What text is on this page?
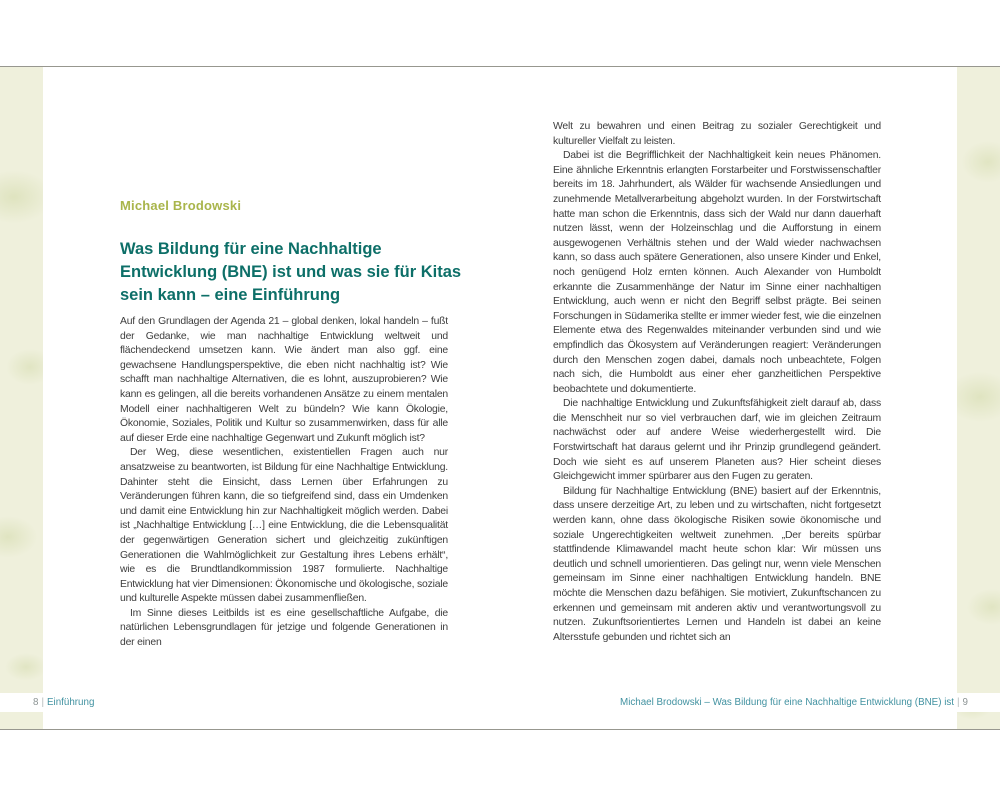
Michael Brodowski
Was Bildung für eine Nachhaltige Entwicklung (BNE) ist und was sie für Kitas sein kann – eine Einführung

Auf den Grundlagen der Agenda 21 – global denken, lokal handeln – fußt der Gedanke, wie man nachhaltige Entwicklung weltweit und flächendeckend umsetzen kann. Wie ändert man also ggf. eine gewachsene Handlungsperspektive, die eben nicht nachhaltig ist? Wie schafft man nachhaltige Alternativen, die es lohnt, auszuprobieren? Wie kann es gelingen, all die bereits vorhandenen Ansätze zu einem mentalen Modell einer nachhaltigeren Welt zu bündeln? Wie kann Ökologie, Ökonomie, Soziales, Politik und Kultur so zusammenwirken, dass für alle auf dieser Erde eine nachhaltige Gegenwart und Zukunft möglich ist?

Der Weg, diese wesentlichen, existentiellen Fragen auch nur ansatzweise zu beantworten, ist Bildung für eine Nachhaltige Entwicklung. Dahinter steht die Einsicht, dass Lernen über Erfahrungen zu Veränderungen führen kann, die so tiefgreifend sind, dass ein Umdenken und damit eine Entwicklung hin zur Nachhaltigkeit möglich werden. Dabei ist „Nachhaltige Entwicklung […] eine Entwicklung, die die Lebensqualität der gegenwärtigen Generation sichert und gleichzeitig zukünftigen Generationen die Wahlmöglichkeit zur Gestaltung ihres Lebens erhält“, wie es die Brundtlandkommission 1987 formulierte. Nachhaltige Entwicklung hat vier Dimensionen: Ökonomische und ökologische, soziale und kulturelle Aspekte müssen dabei zusammenfließen.

Im Sinne dieses Leitbilds ist es eine gesellschaftliche Aufgabe, die natürlichen Lebensgrundlagen für jetzige und folgende Generationen in der einen

Welt zu bewahren und einen Beitrag zu sozialer Gerechtigkeit und kultureller Vielfalt zu leisten.

Dabei ist die Begrifflichkeit der Nachhaltigkeit kein neues Phänomen. Eine ähnliche Erkenntnis erlangten Forstarbeiter und Forstwissenschaftler bereits im 18. Jahrhundert, als Wälder für wachsende Ansiedlungen und zunehmende Metallverarbeitung abgeholzt wurden. In der Forstwirtschaft hatte man schon die Erkenntnis, dass sich der Wald nur dann dauerhaft nutzen lässt, wenn der Holzeinschlag und die Aufforstung in einem ausgewogenen Verhältnis stehen und der Wald wieder nachwachsen kann, so dass auch spätere Generationen, also unsere Kinder und Enkel, noch genügend Holz ernten können. Auch Alexander von Humboldt erkannte die Zusammenhänge der Natur im Sinne einer nachhaltigen Entwicklung, auch wenn er nicht den Begriff selbst prägte. Bei seinen Forschungen in Südamerika stellte er immer wieder fest, wie die einzelnen Elemente etwa des Regenwaldes miteinander verbunden sind und wie empfindlich das Ökosystem auf Veränderungen reagiert: Veränderungen durch den Menschen zogen dabei, damals noch unbeachtete, Folgen nach sich, die Humboldt aus einer eher ganzheitlichen Perspektive beobachtete und dokumentierte.

Die nachhaltige Entwicklung und Zukunftsfähigkeit zielt darauf ab, dass die Menschheit nur so viel verbrauchen darf, wie im gleichen Zeitraum nachwächst oder auf andere Weise wiederhergestellt wird. Die Forstwirtschaft hat daraus gelernt und ihr Prinzip grundlegend geändert. Doch wie sieht es auf unserem Planeten aus? Hier scheint dieses Gleichgewicht immer spürbarer aus den Fugen zu geraten.

Bildung für Nachhaltige Entwicklung (BNE) basiert auf der Erkenntnis, dass unsere derzeitige Art, zu leben und zu wirtschaften, nicht fortgesetzt werden kann, ohne dass ökologische Risiken sowie ökonomische und soziale Ungerechtigkeiten weltweit zunehmen. „Der bereits spürbar stattfindende Klimawandel macht heute schon klar: Wir müssen uns deutlich und schnell umorientieren. Das gelingt nur, wenn viele Menschen gemeinsam im Sinne einer nachhaltigen Entwicklung handeln. BNE möchte die Menschen dazu befähigen. Sie motiviert, Zukunftschancen zu erkennen und gemeinsam mit anderen aktiv und verantwortungsvoll zu nutzen. Zukunftsorientiertes Lernen und Handeln ist dabei an keine Altersstufe gebunden und richtet sich an

8 | Einführung	Michael Brodowski – Was Bildung für eine Nachhaltige Entwicklung (BNE) ist | 9
